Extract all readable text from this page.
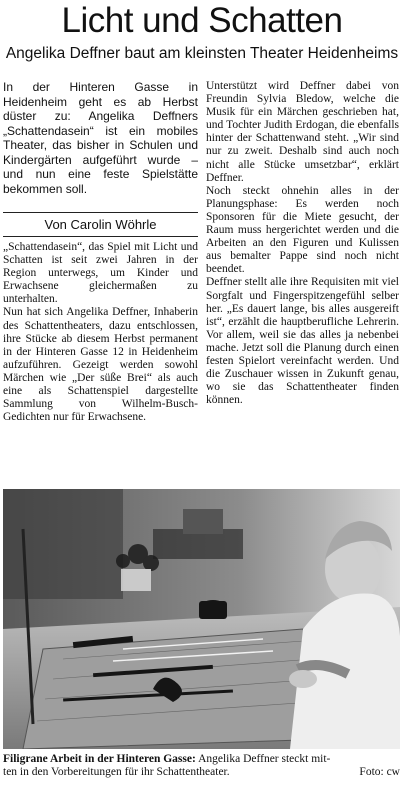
Licht und Schatten
Angelika Deffner baut am kleinsten Theater Heidenheims

In der Hinteren Gasse in Heidenheim geht es ab Herbst düster zu: Angelika Deffners „Schattendasein“ ist ein mobiles Theater, das bisher in Schulen und Kindergärten aufgeführt wurde – und nun eine feste Spielstätte bekommen soll.

Von Carolin Wöhrle

„Schattendasein“, das Spiel mit Licht und Schatten ist seit zwei Jahren in der Region unterwegs, um Kinder und Erwachsene gleichermaßen zu unterhalten.

Nun hat sich Angelika Deffner, Inhaberin des Schattentheaters, dazu entschlossen, ihre Stücke ab diesem Herbst permanent in der Hinteren Gasse 12 in Heidenheim aufzuführen. Gezeigt werden sowohl Märchen wie „Der süße Brei“ als auch eine als Schattenspiel dargestellte Sammlung von Wilhelm-Busch-Gedichten nur für Erwachsene.

Unterstützt wird Deffner dabei von Freundin Sylvia Bledow, welche die Musik für ein Märchen geschrieben hat, und Tochter Judith Erdogan, die ebenfalls hinter der Schattenwand steht. „Wir sind nur zu zweit. Deshalb sind auch noch nicht alle Stücke umsetzbar“, erklärt Deffner.

Noch steckt ohnehin alles in der Planungsphase: Es werden noch Sponsoren für die Miete gesucht, der Raum muss hergerichtet werden und die Arbeiten an den Figuren und Kulissen aus bemalter Pappe sind noch nicht beendet.

Deffner stellt alle ihre Requisiten mit viel Sorgfalt und Fingerspitzengefühl selber her. „Es dauert lange, bis alles ausgereift ist“, erzählt die hauptberufliche Lehrerin. Vor allem, weil sie das alles ja nebenbei mache. Jetzt soll die Planung durch einen festen Spielort vereinfacht werden. Und die Zuschauer wissen in Zukunft genau, wo sie das Schattentheater finden können.

Filigrane Arbeit in der Hinteren Gasse: Angelika Deffner steckt mit-
ten in den Vorbereitungen für ihr Schattentheater.	Foto: cw
